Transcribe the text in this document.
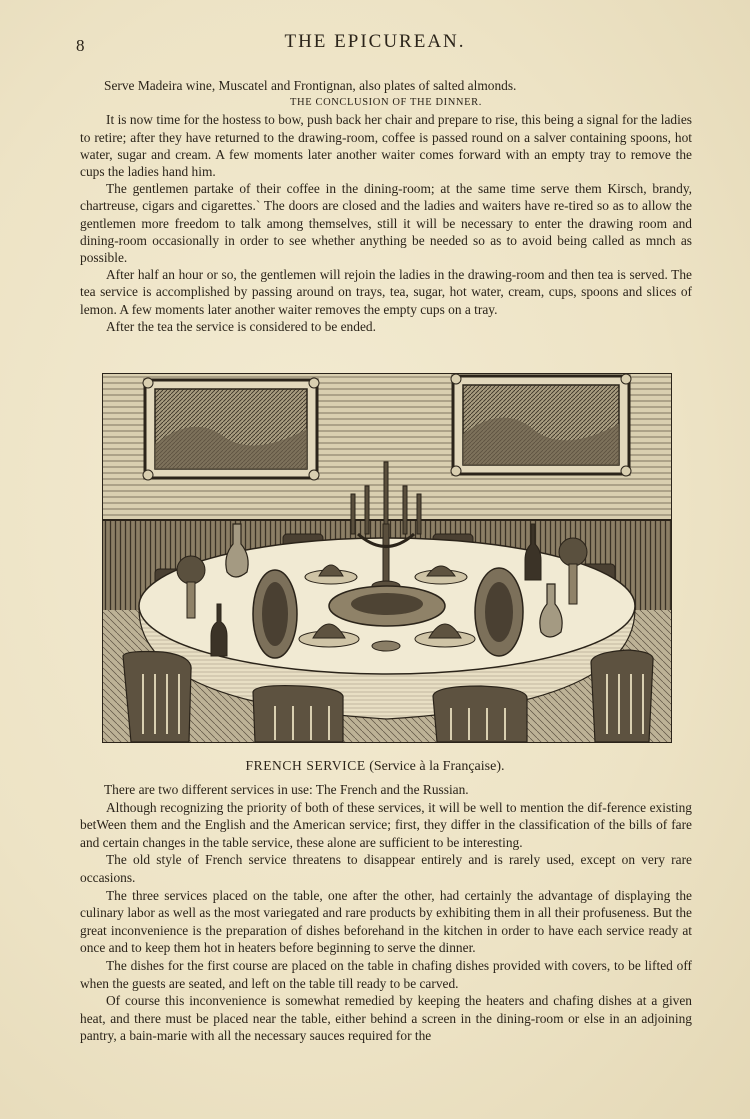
8	THE EPICUREAN.

Serve Madeira wine, Muscatel and Frontignan, also plates of salted almonds.

THE CONCLUSION OF THE DINNER.

It is now time for the hostess to bow, push back her chair and prepare to rise, this being a signal for the ladies to retire; after they have returned to the drawing-room, coffee is passed round on a salver containing spoons, hot water, sugar and cream. A few moments later another waiter comes forward with an empty tray to remove the cups the ladies hand him.

The gentlemen partake of their coffee in the dining-room; at the same time serve them Kirsch, brandy, chartreuse, cigars and cigarettes.` The doors are closed and the ladies and waiters have re-tired so as to allow the gentlemen more freedom to talk among themselves, still it will be necessary to enter the drawing room and dining-room occasionally in order to see whether anything be needed so as to avoid being called as mnch as possible.

After half an hour or so, the gentlemen will rejoin the ladies in the drawing-room and then tea is served. The tea service is accomplished by passing around on trays, tea, sugar, hot water, cream, cups, spoons and slices of lemon. A few moments later another waiter removes the empty cups on a tray.

After the tea the service is considered to be ended.

FRENCH SERVICE (Service à la Française).

There are two different services in use: The French and the Russian.

Although recognizing the priority of both of these services, it will be well to mention the dif-ference existing betWeen them and the English and the American service; first, they differ in the classification of the bills of fare and certain changes in the table service, these alone are sufficient to be interesting.

The old style of French service threatens to disappear entirely and is rarely used, except on very rare occasions.

The three services placed on the table, one after the other, had certainly the advantage of displaying the culinary labor as well as the most variegated and rare products by exhibiting them in all their profuseness. But the great inconvenience is the preparation of dishes beforehand in the kitchen in order to have each service ready at once and to keep them hot in heaters before beginning to serve the dinner.

The dishes for the first course are placed on the table in chafing dishes provided with covers, to be lifted off when the guests are seated, and left on the table till ready to be carved.

Of course this inconvenience is somewhat remedied by keeping the heaters and chafing dishes at a given heat, and there must be placed near the table, either behind a screen in the dining-room or else in an adjoining pantry, a bain-marie with all the necessary sauces required for the
